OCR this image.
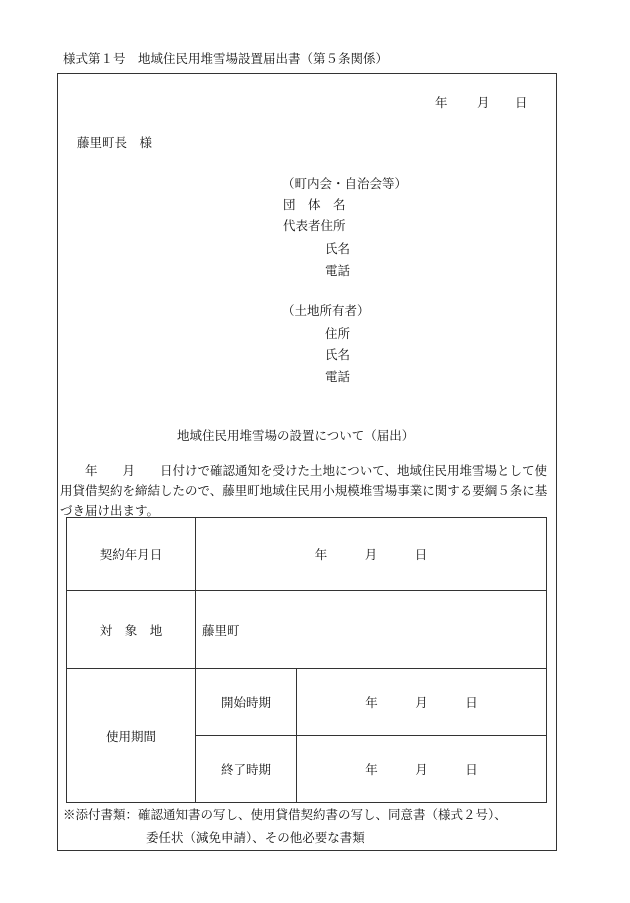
様式第１号　地域住民用堆雪場設置届出書（第５条関係）
年 月 日
藤里町長　様
（町内会・自治会等）
団　体　名
代表者住所
氏名
電話
（土地所有者）
住所
氏名
電話
地域住民用堆雪場の設置について（届出）
　　年　　月　　日付けで確認通知を受けた土地について、地域住民用堆雪場として使用貸借契約を締結したので、藤里町地域住民用小規模堆雪場事業に関する要綱５条に基づき届け出ます。
契約年月日	年　　　月　　　日	
対　象　地	藤里町	
使用期間	開始時期	年　　　月　　　日
	終了時期	年　　　月　　　日
※添付書類：確認通知書の写し、使用貸借契約書の写し、同意書（様式２号）、
委任状（減免申請）、その他必要な書類
